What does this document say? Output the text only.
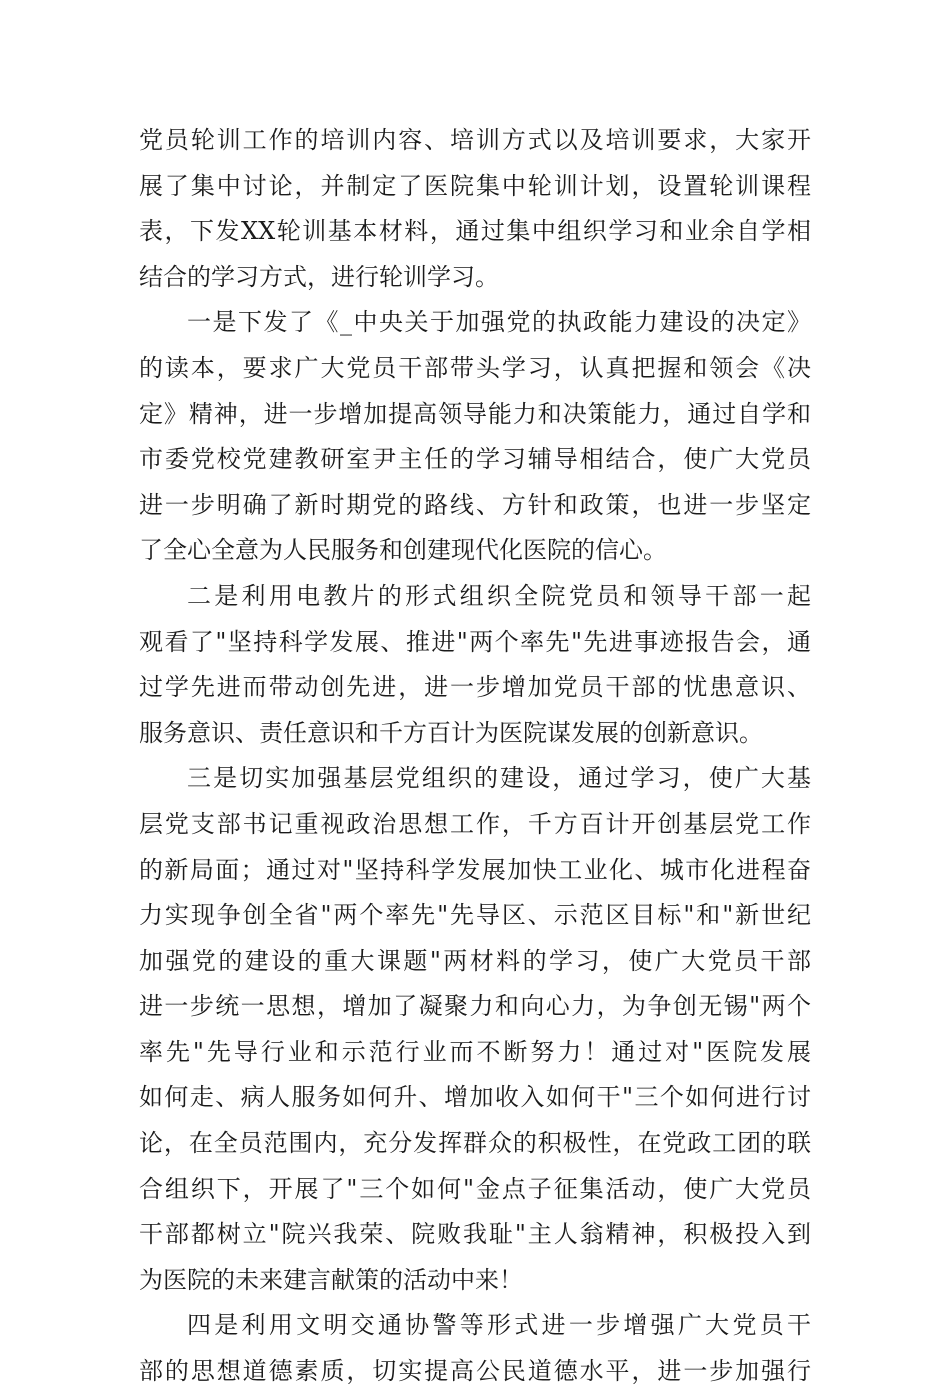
党员轮训工作的培训内容、培训方式以及培训要求，大家开
展了集中讨论，并制定了医院集中轮训计划，设置轮训课程
表，下发XX轮训基本材料，通过集中组织学习和业余自学相
结合的学习方式，进行轮训学习。
一是下发了《_中央关于加强党的执政能力建设的决定》
的读本，要求广大党员干部带头学习，认真把握和领会《决
定》精神，进一步增加提高领导能力和决策能力，通过自学和
市委党校党建教研室尹主任的学习辅导相结合，使广大党员
进一步明确了新时期党的路线、方针和政策，也进一步坚定
了全心全意为人民服务和创建现代化医院的信心。
二是利用电教片的形式组织全院党员和领导干部一起
观看了"坚持科学发展、推进"两个率先"先进事迹报告会，通
过学先进而带动创先进，进一步增加党员干部的忧患意识、
服务意识、责任意识和千方百计为医院谋发展的创新意识。
三是切实加强基层党组织的建设，通过学习，使广大基
层党支部书记重视政治思想工作，千方百计开创基层党工作
的新局面；通过对"坚持科学发展加快工业化、城市化进程奋
力实现争创全省"两个率先"先导区、示范区目标"和"新世纪
加强党的建设的重大课题"两材料的学习，使广大党员干部
进一步统一思想，增加了凝聚力和向心力，为争创无锡"两个
率先"先导行业和示范行业而不断努力！通过对"医院发展
如何走、病人服务如何升、增加收入如何干"三个如何进行讨
论，在全员范围内，充分发挥群众的积极性，在党政工团的联
合组织下，开展了"三个如何"金点子征集活动，使广大党员
干部都树立"院兴我荣、院败我耻"主人翁精神，积极投入到
为医院的未来建言献策的活动中来！
四是利用文明交通协警等形式进一步增强广大党员干
部的思想道德素质，切实提高公民道德水平，进一步加强行
